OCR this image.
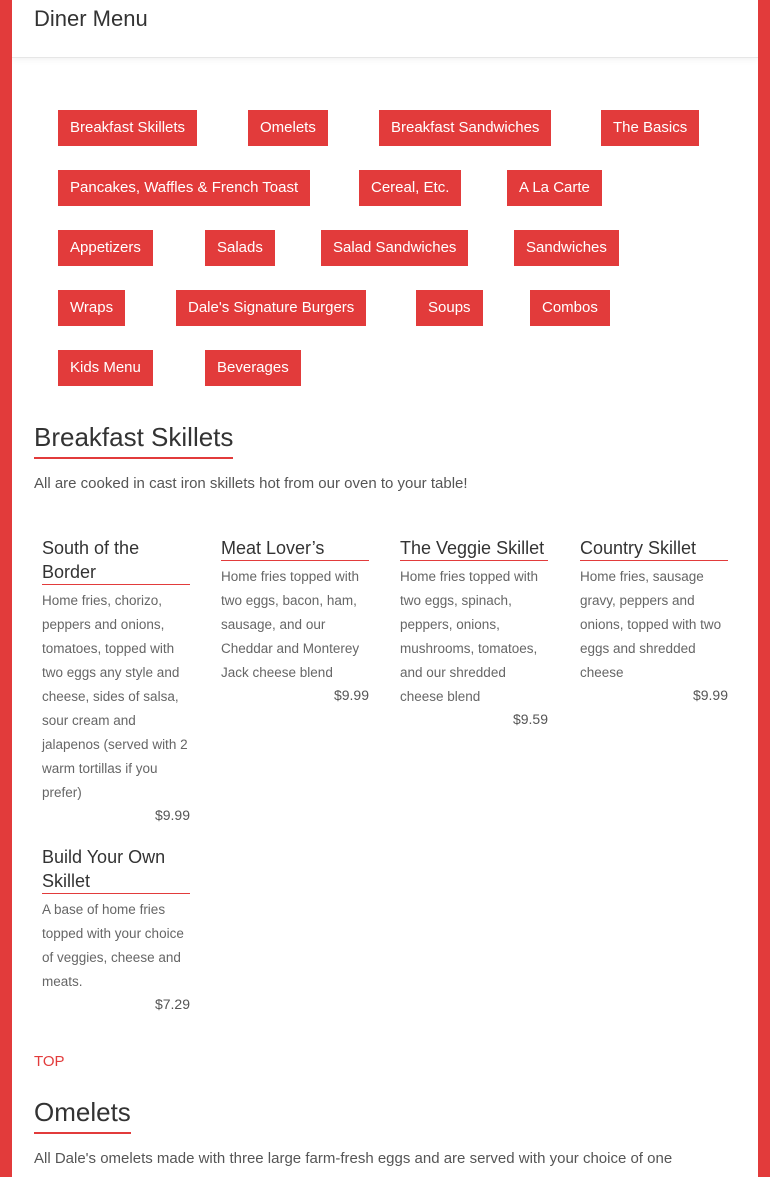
Diner Menu
Breakfast Skillets	Omelets	Breakfast Sandwiches	The Basics
Pancakes, Waffles & French Toast	Cereal, Etc.	A La Carte
Appetizers	Salads	Salad Sandwiches	Sandwiches
Wraps	Dale's Signature Burgers	Soups	Combos
Kids Menu	Beverages
Breakfast Skillets
All are cooked in cast iron skillets hot from our oven to your table!
South of the Border
Home fries, chorizo, peppers and onions, tomatoes, topped with two eggs any style and cheese, sides of salsa, sour cream and jalapenos (served with 2 warm tortillas if you prefer)
$9.99
Meat Lover’s
Home fries topped with two eggs, bacon, ham, sausage, and our Cheddar and Monterey Jack cheese blend
$9.99
The Veggie Skillet
Home fries topped with two eggs, spinach, peppers, onions, mushrooms, tomatoes, and our shredded cheese blend
$9.59
Country Skillet
Home fries, sausage gravy, peppers and onions, topped with two eggs and shredded cheese
$9.99
Build Your Own Skillet
A base of home fries topped with your choice of veggies, cheese and meats.
$7.29
TOP
Omelets
All Dale's omelets made with three large farm-fresh eggs and are served with your choice of one
